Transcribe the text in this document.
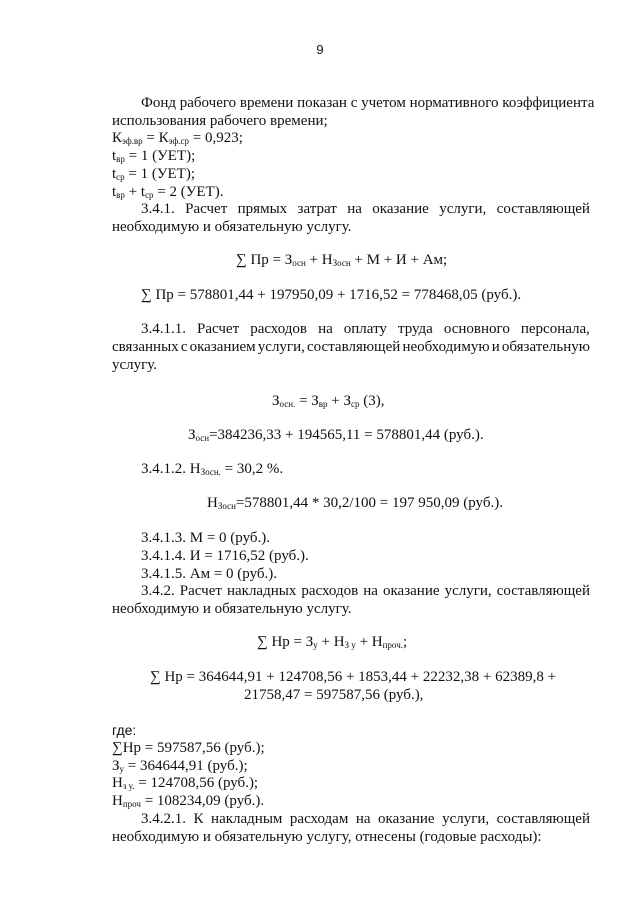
9
Фонд рабочего времени показан с учетом нормативного коэффициента
использования рабочего времени;
$К_{эф.вр} = К_{эф.ср} = 0,923$;
$t_{вр} = 1$ (УЕТ);
$t_{ср} = 1$ (УЕТ);
$t_{вр} + t_{ср} = 2$ (УЕТ).
3.4.1. Расчет прямых затрат на оказание услуги, составляющей
необходимую и обязательную услугу.
∑ Пр = $З_{осн} + Н_{Зосн} + М + И$ + Ам;
∑ Пр = 578801,44 + 197950,09 + 1716,52 = 778468,05 (руб.).
3.4.1.1. Расчет расходов на оплату труда основного персонала,
связанных с оказанием услуги, составляющей необходимую и обязательную
услугу.
$З_{осн.} = З_{вр} + З_{ср}$ (3),
$З_{осн}=384236,33 + 194565,11 = 578801,44$ (руб.).
3.4.1.2. $Н_{Зосн.} = 30,2$ %.
$Н_{Зосн}=578801,44 * 30,2/100 = 197$ 950,09 (руб.).
3.4.1.3. М = 0 (руб.).
3.4.1.4. И = 1716,52 (руб.).
3.4.1.5. Ам = 0 (руб.).
3.4.2. Расчет накладных расходов на оказание услуги, составляющей
необходимую и обязательную услугу.
∑ Нр = $З_у + Н_{З у} + Н_{проч.}$;
∑ Нр = 364644,91 + 124708,56 + 1853,44 + 22232,38 + 62389,8 +
21758,47 = 597587,56 (руб.),
где:
∑Нр = 597587,56 (руб.);
$З_у = 364644,91$ (руб.);
$Н_{з у.} = 124708,56$ (руб.);
$Н_{проч} = 108234,09$ (руб.).
3.4.2.1. К накладным расходам на оказание услуги, составляющей
необходимую и обязательную услугу, отнесены (годовые расходы):
